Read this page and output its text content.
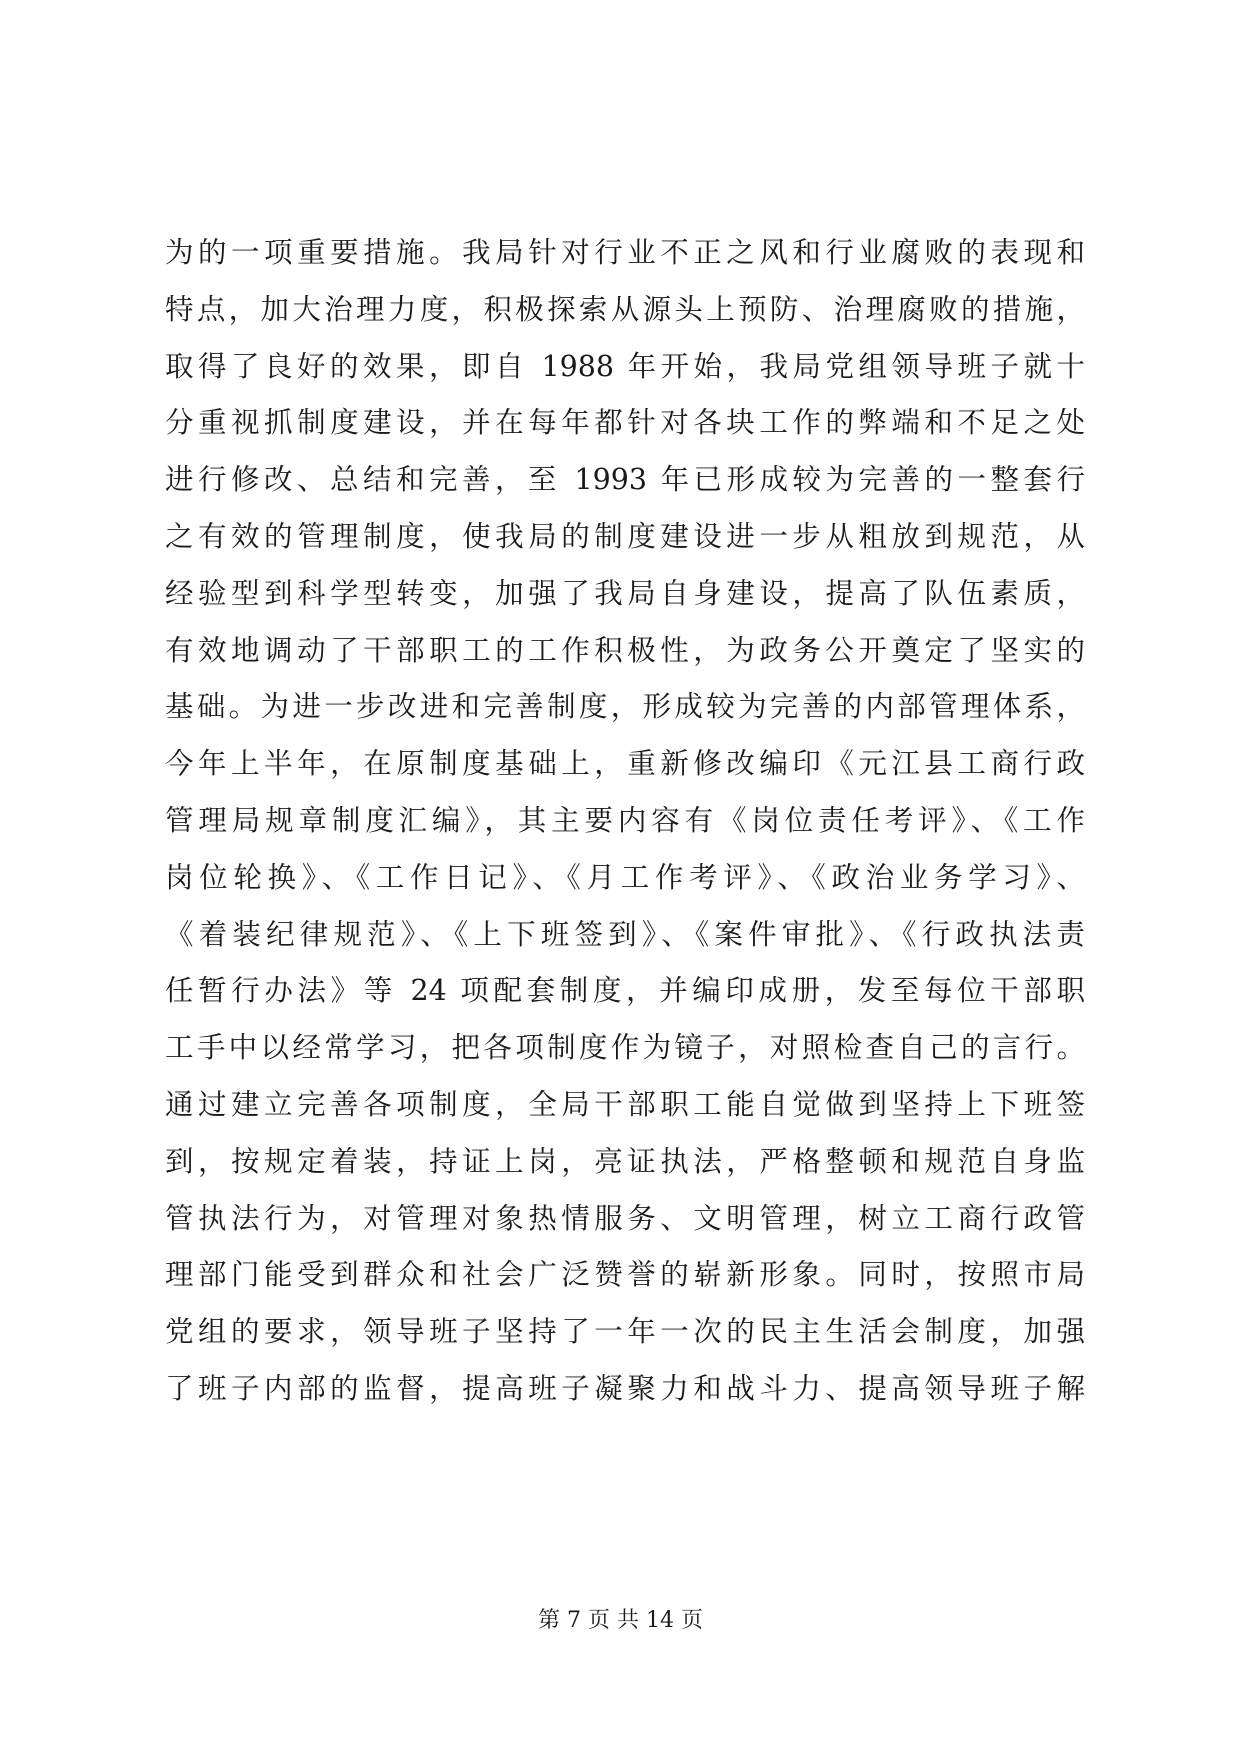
为的一项重要措施。我局针对行业不正之风和行业腐败的表现和
特点，加大治理力度，积极探索从源头上预防、治理腐败的措施，
取得了良好的效果，即自 1988 年开始，我局党组领导班子就十
分重视抓制度建设，并在每年都针对各块工作的弊端和不足之处
进行修改、总结和完善，至 1993 年已形成较为完善的一整套行
之有效的管理制度，使我局的制度建设进一步从粗放到规范，从
经验型到科学型转变，加强了我局自身建设，提高了队伍素质，
有效地调动了干部职工的工作积极性，为政务公开奠定了坚实的
基础。为进一步改进和完善制度，形成较为完善的内部管理体系，
今年上半年，在原制度基础上，重新修改编印《元江县工商行政
管理局规章制度汇编》，其主要内容有《岗位责任考评》、《工作
岗位轮换》、《工作日记》、《月工作考评》、《政治业务学习》、
《着装纪律规范》、《上下班签到》、《案件审批》、《行政执法责
任暂行办法》等 24 项配套制度，并编印成册，发至每位干部职
工手中以经常学习，把各项制度作为镜子，对照检查自己的言行。
通过建立完善各项制度，全局干部职工能自觉做到坚持上下班签
到，按规定着装，持证上岗，亮证执法，严格整顿和规范自身监
管执法行为，对管理对象热情服务、文明管理，树立工商行政管
理部门能受到群众和社会广泛赞誉的崭新形象。同时，按照市局
党组的要求，领导班子坚持了一年一次的民主生活会制度，加强
了班子内部的监督，提高班子凝聚力和战斗力、提高领导班子解
第 7 页 共 14 页
